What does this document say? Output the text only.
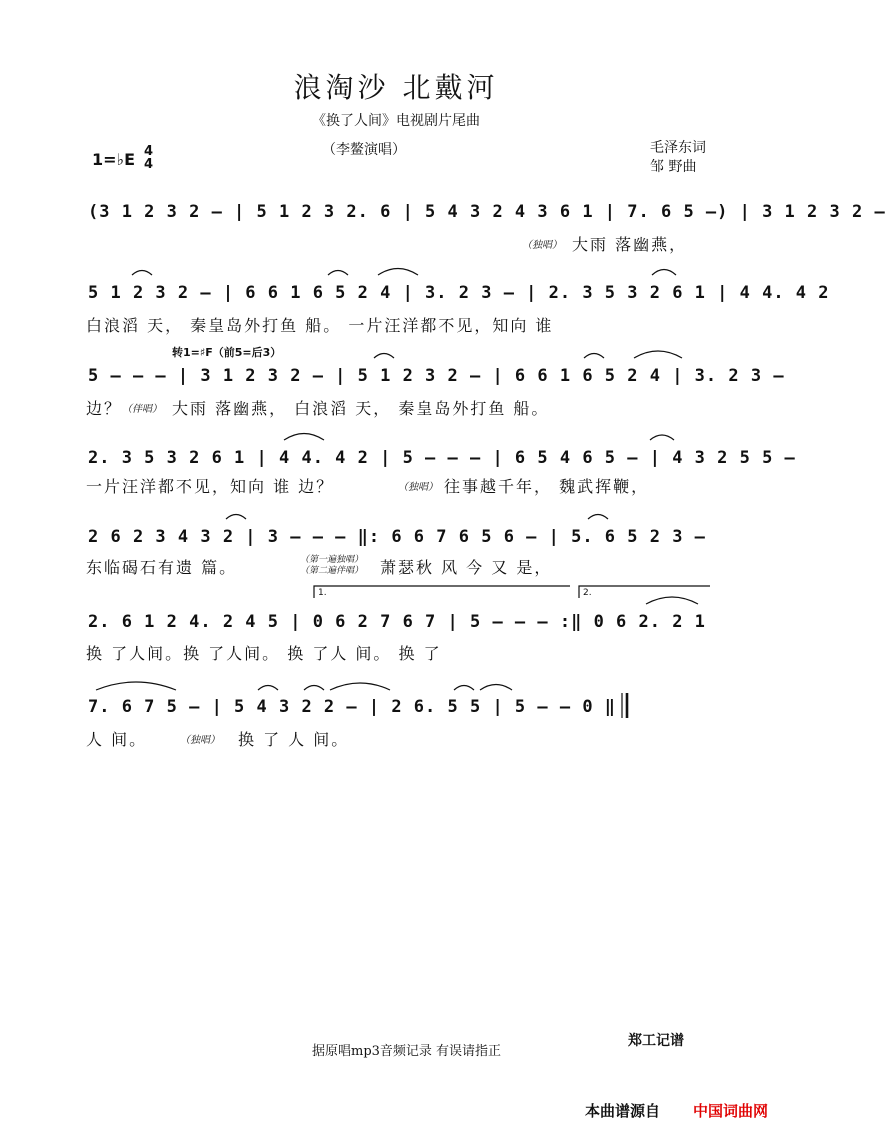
浪淘沙 北戴河
《换了人间》电视剧片尾曲
（李鳌演唱）
1=♭E 4
4
毛泽东词
邹 野曲
(3 1 2 3 2 – | 5 1 2 3 2. 6 | 5 4 3 2 4 3 6 1 | 7. 6 5 –) | 3 1 2 3 2 –
（独唱） 大雨 落幽燕，
5 1 2 3 2 – | 6 6 1 6 5 2 4 | 3. 2 3 – | 2. 3 5 3 2 6 1 | 4 4. 4 2
白浪滔 天， 秦皇岛外打鱼 船。 一片汪洋都不见，知向 谁
转1=♯F（前5=后3）
5 – – – | 3 1 2 3 2 – | 5 1 2 3 2 – | 6 6 1 6 5 2 4 | 3. 2 3 –
边？ （伴唱） 大雨 落幽燕， 白浪滔 天， 秦皇岛外打鱼 船。
2. 3 5 3 2 6 1 | 4 4. 4 2 | 5 – – – | 6 5 4 6 5 – | 4 3 2 5 5 –
一片汪洋都不见，知向 谁 边？	（独唱） 往事越千年， 魏武挥鞭，
2 6 2 3 4 3 2 | 3 – – – ‖: 6 6 7 6 5 6 – | 5. 6 5 2 3 –
东临碣石有遗 篇。	（第一遍独唱）
（第二遍伴唱） 萧瑟秋 风 今 又 是，
1.	2.
2. 6 1 2 4. 2 4 5 | 0 6 2 7 6 7 | 5 – – – :‖ 0 6 2. 2 1
换 了人间。换 了人间。 换 了人 间。 换 了
7. 6 7 5 – | 5 4 3 2 2 – | 2 6. 5 5 | 5 – – 0 ‖
人 间。	（独唱） 换 了 人 间。
据原唱mp3音频记录 有误请指正
郑工记谱
本曲谱源自 中国词曲网
